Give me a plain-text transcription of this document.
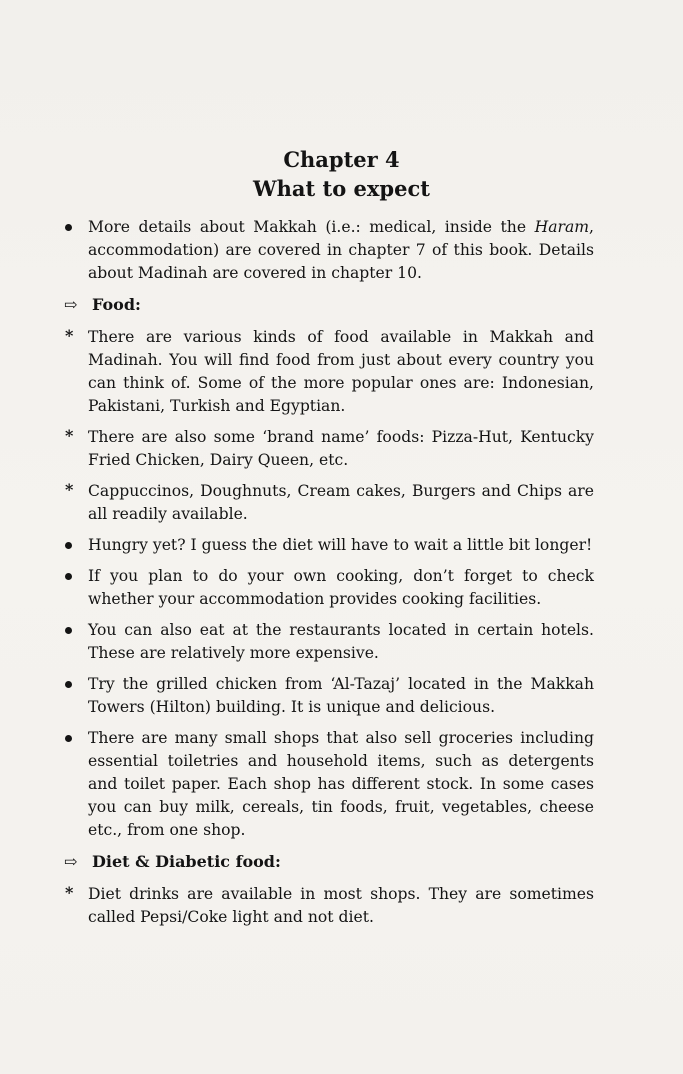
Chapter 4
What to expect
More details about Makkah (i.e.: medical, inside the Haram, accommodation) are covered in chapter 7 of this book. Details about Madinah are covered in chapter 10.
⇨ Food:
* There are various kinds of food available in Makkah and Madinah. You will find food from just about every country you can think of. Some of the more popular ones are: Indonesian, Pakistani, Turkish and Egyptian.
* There are also some ‘brand name’ foods: Pizza-Hut, Kentucky Fried Chicken, Dairy Queen, etc.
* Cappuccinos, Doughnuts, Cream cakes, Burgers and Chips are all readily available.
Hungry yet? I guess the diet will have to wait a little bit longer!
If you plan to do your own cooking, don’t forget to check whether your accommodation provides cooking facilities.
You can also eat at the restaurants located in certain hotels. These are relatively more expensive.
Try the grilled chicken from ‘Al-Tazaj’ located in the Makkah Towers (Hilton) building. It is unique and delicious.
There are many small shops that also sell groceries including essential toiletries and household items, such as detergents and toilet paper. Each shop has different stock. In some cases you can buy milk, cereals, tin foods, fruit, vegetables, cheese etc., from one shop.
⇨ Diet & Diabetic food:
* Diet drinks are available in most shops. They are sometimes called Pepsi/Coke light and not diet.
